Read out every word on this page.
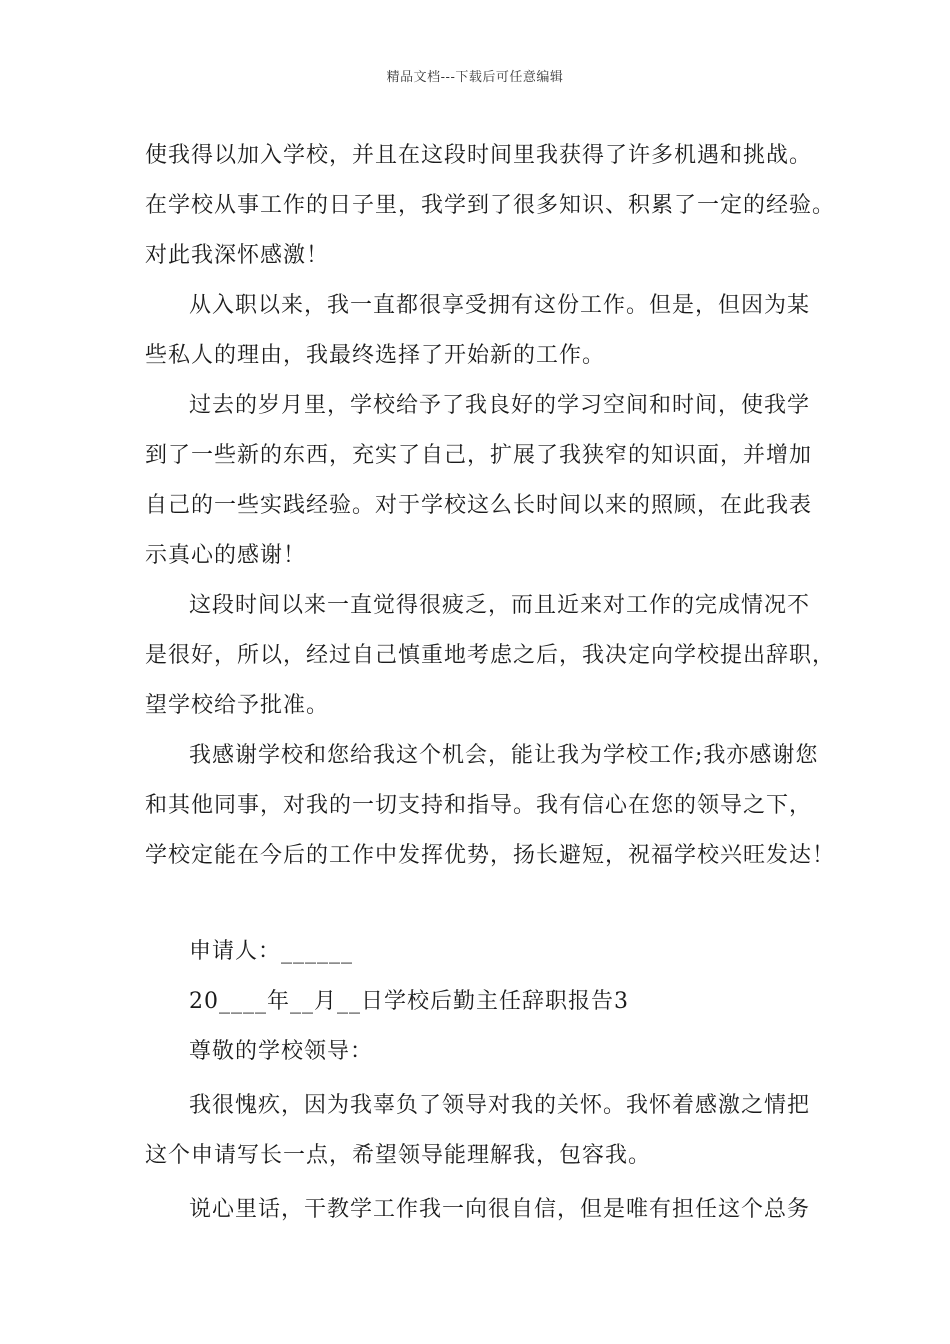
精品文档---下载后可任意编辑
使我得以加入学校，并且在这段时间里我获得了许多机遇和挑战。
在学校从事工作的日子里，我学到了很多知识、积累了一定的经验。
对此我深怀感激！
从入职以来，我一直都很享受拥有这份工作。但是，但因为某
些私人的理由，我最终选择了开始新的工作。
过去的岁月里，学校给予了我良好的学习空间和时间，使我学
到了一些新的东西，充实了自己，扩展了我狭窄的知识面，并增加
自己的一些实践经验。对于学校这么长时间以来的照顾，在此我表
示真心的感谢！
这段时间以来一直觉得很疲乏，而且近来对工作的完成情况不
是很好，所以，经过自己慎重地考虑之后，我决定向学校提出辞职，
望学校给予批准。
我感谢学校和您给我这个机会，能让我为学校工作;我亦感谢您
和其他同事，对我的一切支持和指导。我有信心在您的领导之下，
学校定能在今后的工作中发挥优势，扬长避短，祝福学校兴旺发达！
申请人：______
20____年__月__日学校后勤主任辞职报告3
尊敬的学校领导：
我很愧疚，因为我辜负了领导对我的关怀。我怀着感激之情把
这个申请写长一点，希望领导能理解我，包容我。
说心里话，干教学工作我一向很自信，但是唯有担任这个总务
